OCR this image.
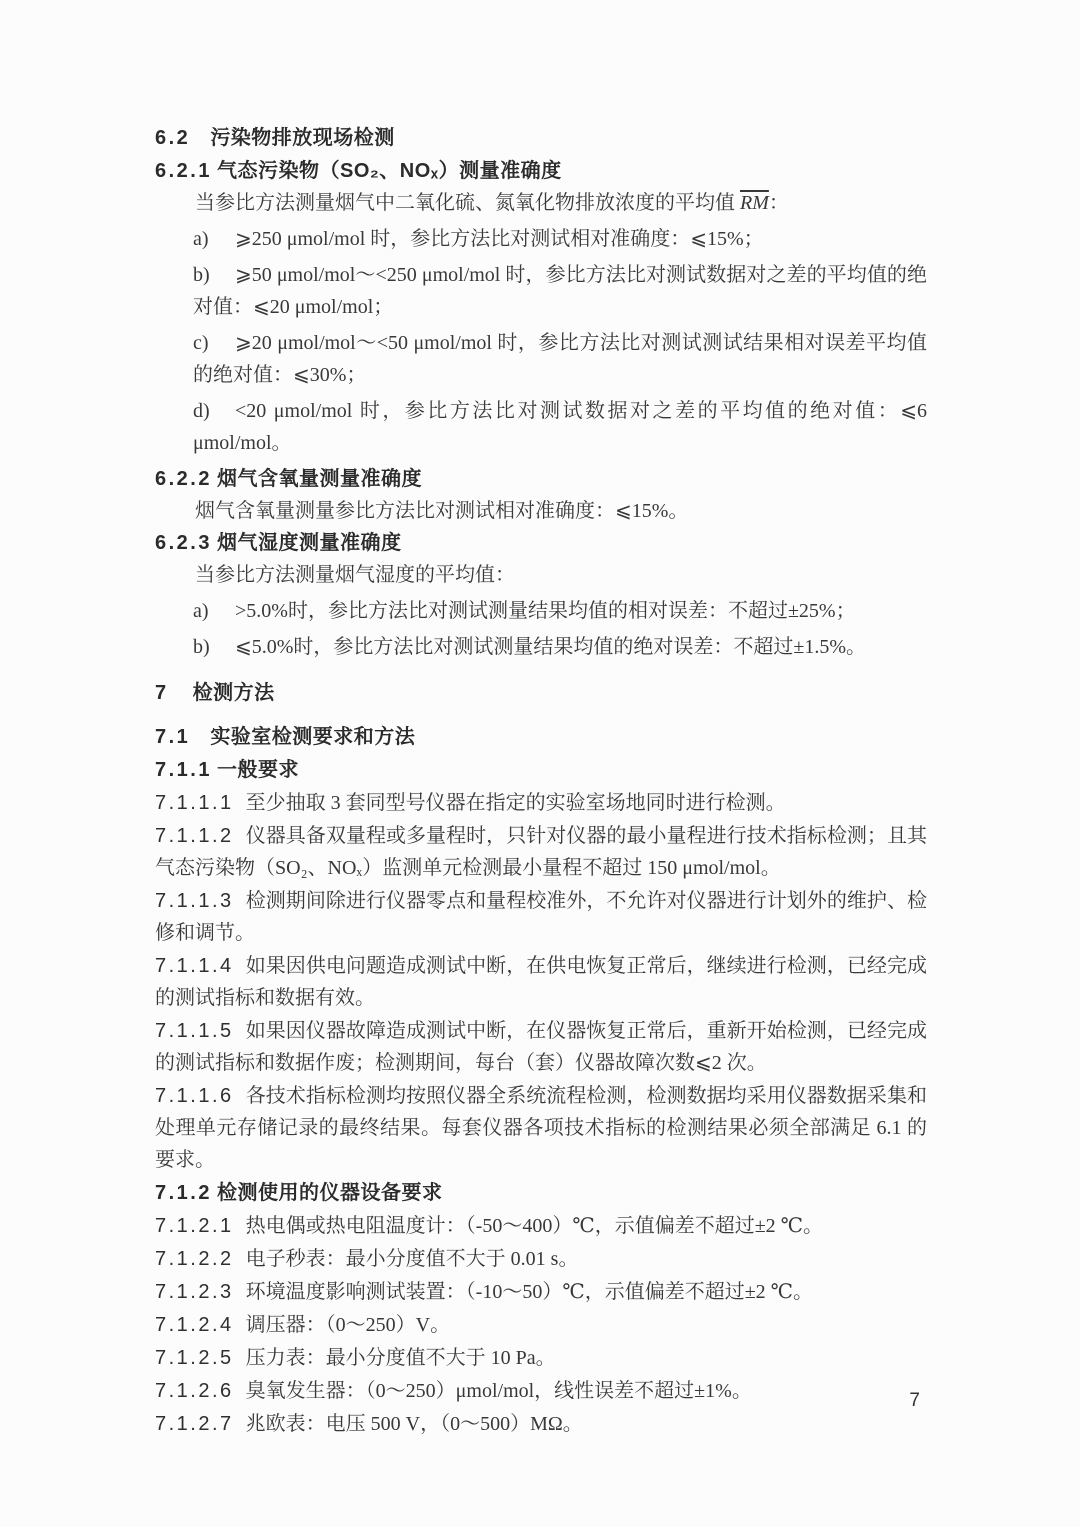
6.2 污染物排放现场检测
6.2.1 气态污染物（SO₂、NOₓ）测量准确度

当参比方法测量烟气中二氧化硫、氮氧化物排放浓度的平均值 $\overline{RM}$：

a) ⩾250 μmol/mol 时，参比方法比对测试相对准确度：⩽15%；
b) ⩾50 μmol/mol～<250 μmol/mol 时，参比方法比对测试数据对之差的平均值的绝对值：⩽20 μmol/mol；
c) ⩾20 μmol/mol～<50 μmol/mol 时，参比方法比对测试测试结果相对误差平均值的绝对值：⩽30%；
d) <20 μmol/mol 时，参比方法比对测试数据对之差的平均值的绝对值：⩽6 μmol/mol。
6.2.2 烟气含氧量测量准确度

烟气含氧量测量参比方法比对测试相对准确度：⩽15%。

6.2.3 烟气湿度测量准确度

当参比方法测量烟气湿度的平均值：

a) >5.0%时，参比方法比对测试测量结果均值的相对误差：不超过±25%；
b) ⩽5.0%时，参比方法比对测试测量结果均值的绝对误差：不超过±1.5%。
7 检测方法
7.1 实验室检测要求和方法
7.1.1 一般要求

7.1.1.1 至少抽取 3 套同型号仪器在指定的实验室场地同时进行检测。

7.1.1.2 仪器具备双量程或多量程时，只针对仪器的最小量程进行技术指标检测；且其气态污染物（SO₂、NOₓ）监测单元检测最小量程不超过 150 μmol/mol。

7.1.1.3 检测期间除进行仪器零点和量程校准外，不允许对仪器进行计划外的维护、检修和调节。

7.1.1.4 如果因供电问题造成测试中断，在供电恢复正常后，继续进行检测，已经完成的测试指标和数据有效。

7.1.1.5 如果因仪器故障造成测试中断，在仪器恢复正常后，重新开始检测，已经完成的测试指标和数据作废；检测期间，每台（套）仪器故障次数⩽2 次。

7.1.1.6 各技术指标检测均按照仪器全系统流程检测，检测数据均采用仪器数据采集和处理单元存储记录的最终结果。每套仪器各项技术指标的检测结果必须全部满足 6.1 的要求。

7.1.2 检测使用的仪器设备要求

7.1.2.1 热电偶或热电阻温度计：（-50～400）℃，示值偏差不超过±2 ℃。

7.1.2.2 电子秒表：最小分度值不大于 0.01 s。

7.1.2.3 环境温度影响测试装置：（-10～50）℃，示值偏差不超过±2 ℃。

7.1.2.4 调压器：（0～250）V。

7.1.2.5 压力表：最小分度值不大于 10 Pa。

7.1.2.6 臭氧发生器：（0～250）μmol/mol，线性误差不超过±1%。

7.1.2.7 兆欧表：电压 500 V，（0～500）MΩ。

7
